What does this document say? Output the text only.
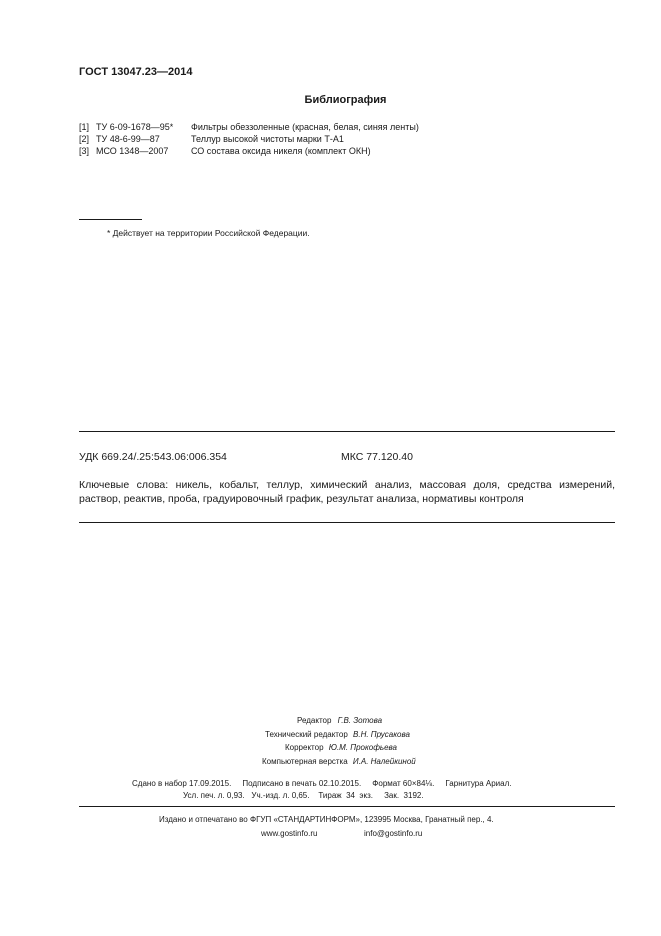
ГОСТ 13047.23—2014
Библиография
[1] ТУ 6-09-1678—95* Фильтры обеззоленные (красная, белая, синяя ленты)
[2] ТУ 48-6-99—87	Теллур высокой чистоты марки Т-А1
[3] МСО 1348—2007	СО состава оксида никеля (комплект ОКН)
* Действует на территории Российской Федерации.
УДК 669.24/.25:543.06:006.354	МКС 77.120.40
Ключевые слова: никель, кобальт, теллур, химический анализ, массовая доля, средства измерений,
раствор, реактив, проба, градуировочный график, результат анализа, нормативы контроля
Редактор Г.В. Зотова
Технический редактор В.Н. Прусакова
Корректор Ю.М. Прокофьева
Компьютерная верстка И.А. Налейкиной
Сдано в набор 17.09.2015.     Подписано в печать 02.10.2015.     Формат 60×84⅛.     Гарнитура Ариал.
Усл. печ. л. 0,93.   Уч.-изд. л. 0,65.    Тираж  34  экз.     Зак.  3192.
Издано и отпечатано во ФГУП «СТАНДАРТИНФОРМ», 123995 Москва, Гранатный пер., 4.
www.gostinfo.ru	info@gostinfo.ru
